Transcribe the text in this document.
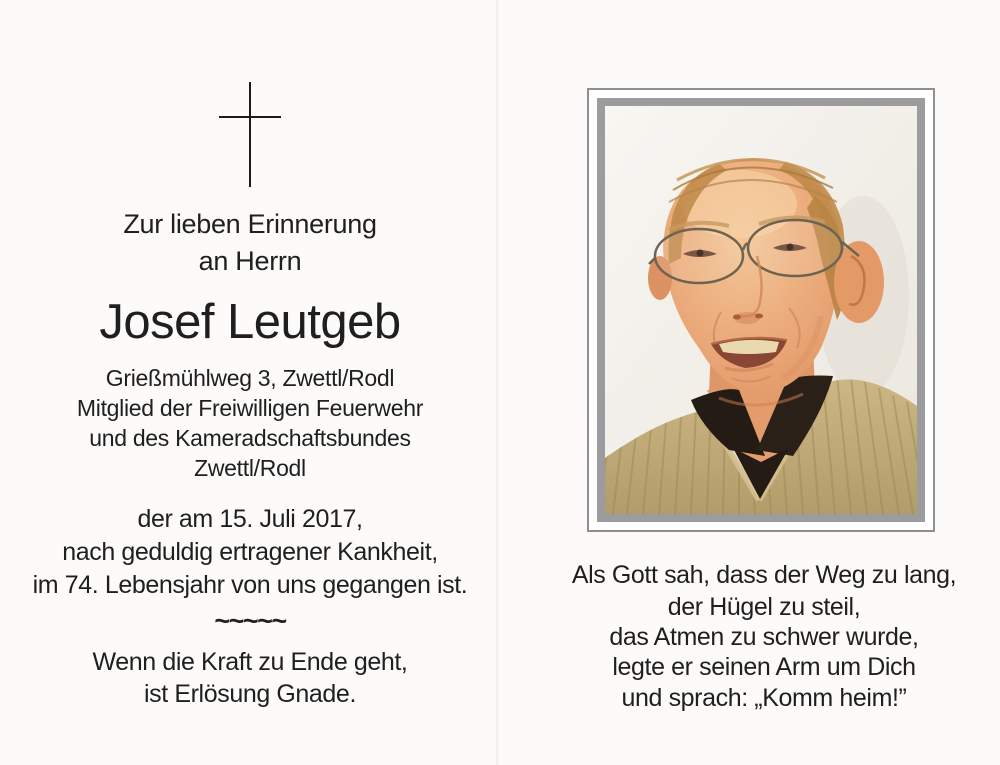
Zur lieben Erinnerung
an Herrn
Josef Leutgeb
Grießmühlweg 3, Zwettl/Rodl
Mitglied der Freiwilligen Feuerwehr
und des Kameradschaftsbundes
Zwettl/Rodl
der am 15. Juli 2017,
nach geduldig ertragener Kankheit,
im 74. Lebensjahr von uns gegangen ist.
~~~~~
Wenn die Kraft zu Ende geht,
ist Erlösung Gnade.
Als Gott sah, dass der Weg zu lang,
der Hügel zu steil,
das Atmen zu schwer wurde,
legte er seinen Arm um Dich
und sprach: „Komm heim!”
